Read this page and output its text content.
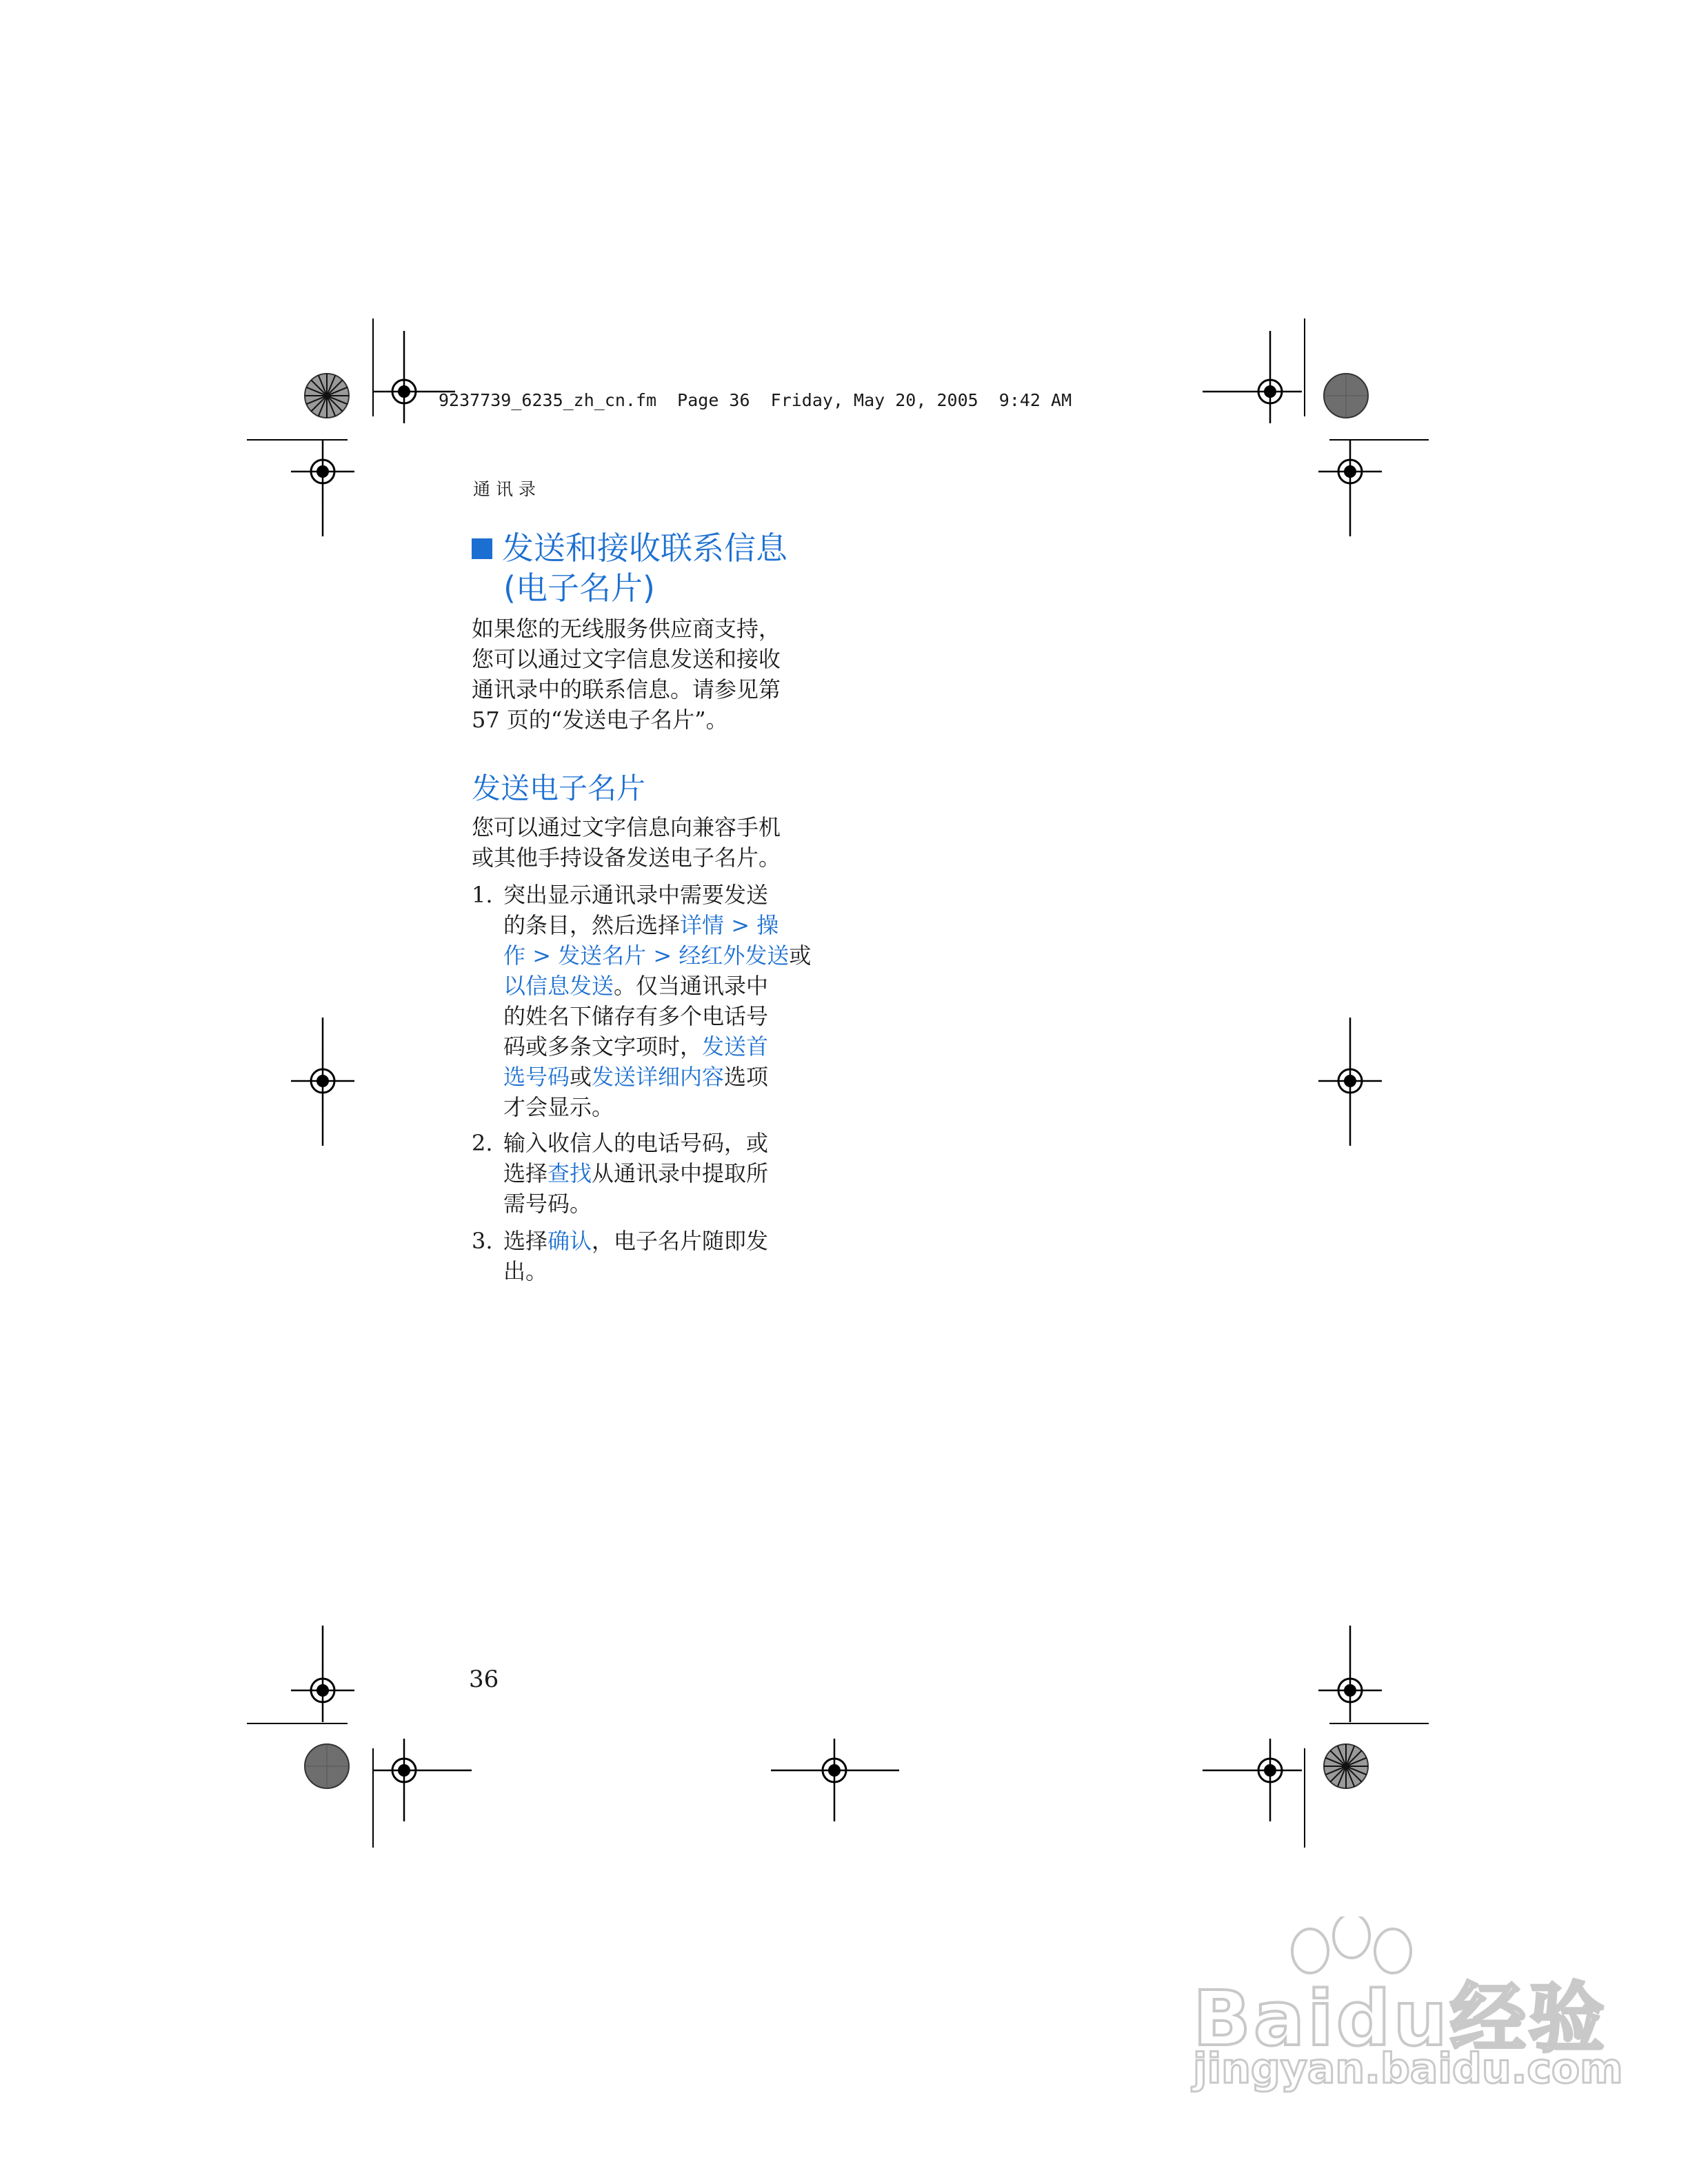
9237739_6235_zh_cn.fm  Page 36  Friday, May 20, 2005  9:42 AM
通讯录
发送和接收联系信息
(电子名片)
如果您的无线服务供应商支持，
您可以通过文字信息发送和接收
通讯录中的联系信息。请参见第
57 页的“发送电子名片”。
发送电子名片
您可以通过文字信息向兼容手机
或其他手持设备发送电子名片。
1. 突出显示通讯录中需要发送
的条目，然后选择详情 > 操
作 > 发送名片 > 经红外发送或
以信息发送。仅当通讯录中
的姓名下储存有多个电话号
码或多条文字项时，发送首
选号码或发送详细内容选项
才会显示。
2. 输入收信人的电话号码，或
选择查找从通讯录中提取所
需号码。
3. 选择确认，电子名片随即发
出。
36
Baidu经验
jingyan.baidu.com
